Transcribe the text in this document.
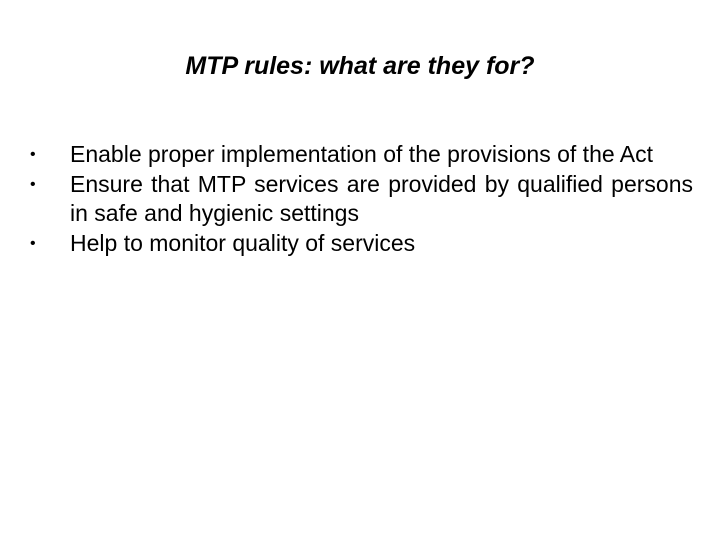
MTP rules: what are they for?
•	Enable proper implementation of the provisions of the Act
•	Ensure that MTP services are provided by qualified persons in safe and hygienic settings
•	Help to monitor quality of services
